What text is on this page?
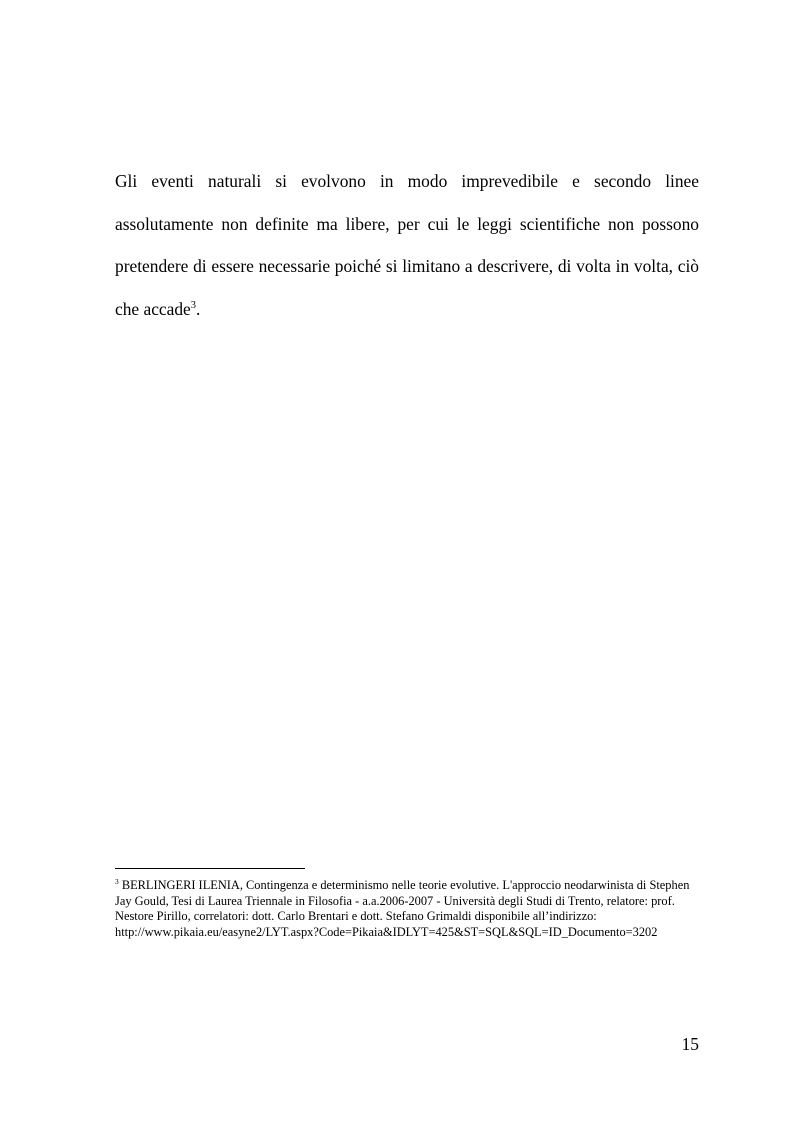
Gli eventi naturali si evolvono in modo imprevedibile e secondo linee assolutamente non definite ma libere, per cui le leggi scientifiche non possono pretendere di essere necessarie poiché si limitano a descrivere, di volta in volta, ciò che accade$^3$.

$^3$ BERLINGERI ILENIA, Contingenza e determinismo nelle teorie evolutive. L'approccio neodarwinista di Stephen Jay Gould, Tesi di Laurea Triennale in Filosofia - a.a.2006-2007 - Università degli Studi di Trento, relatore: prof. Nestore Pirillo, correlatori: dott. Carlo Brentari e dott. Stefano Grimaldi disponibile all’indirizzo:
http://www.pikaia.eu/easyne2/LYT.aspx?Code=Pikaia&IDLYT=425&ST=SQL&SQL=ID_Documento=3202

15
